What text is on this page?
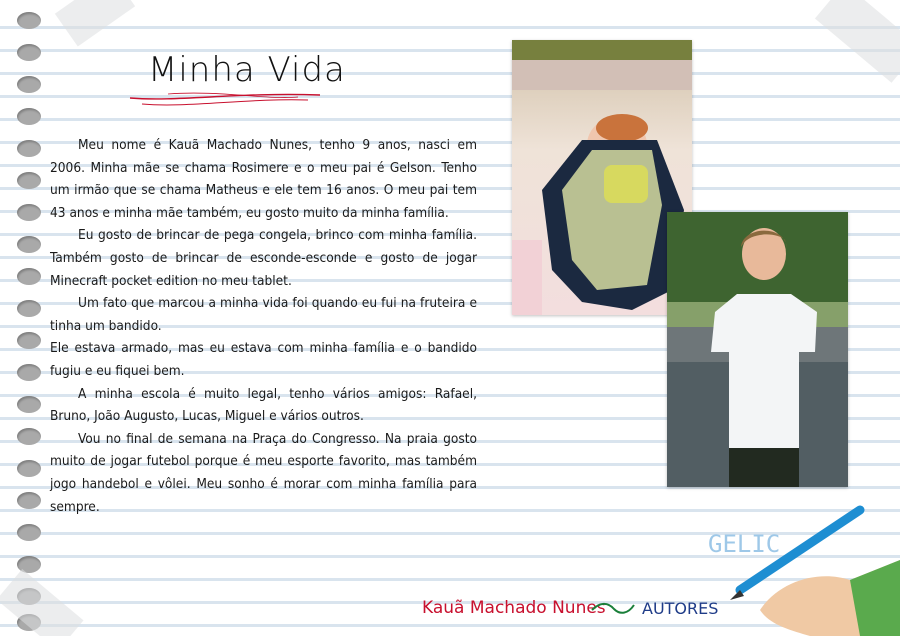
Minha Vida

Meu nome é Kauã Machado Nunes, tenho 9 anos, nasci em 2006. Minha mãe se chama Rosimere e o meu pai é Gelson. Tenho um irmão que se chama Matheus e ele tem 16 anos. O meu pai tem 43 anos e minha mãe também, eu gosto muito da minha família.

Eu gosto de brincar de pega congela, brinco com minha família. Também gosto de brincar de esconde-esconde e gosto de jogar Minecraft pocket edition no meu tablet.

Um fato que marcou a minha vida foi quando eu fui na fruteira e tinha um bandido.

Ele estava armado, mas eu estava com minha família e o bandido fugiu e eu fiquei bem.

A minha escola é muito legal, tenho vários amigos: Rafael, Bruno, João Augusto, Lucas, Miguel e vários outros.

Vou no final de semana na Praça do Congresso. Na praia gosto muito de jogar futebol porque é meu esporte favorito, mas também jogo handebol e vôlei. Meu sonho é morar com minha família para sempre.

GELIC
Kauã Machado Nunes AUTORES
